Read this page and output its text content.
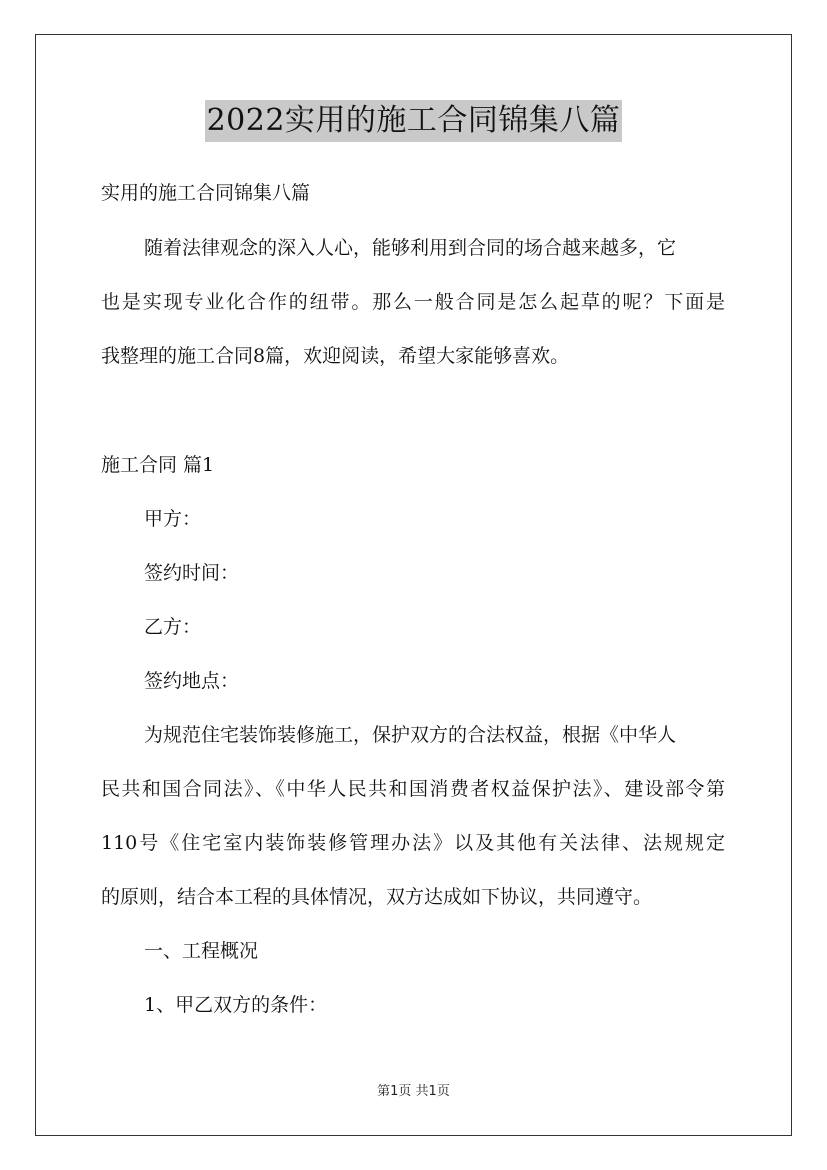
2022实用的施工合同锦集八篇
实用的施工合同锦集八篇
随着法律观念的深入人心，能够利用到合同的场合越来越多，它
也是实现专业化合作的纽带。那么一般合同是怎么起草的呢？下面是
我整理的施工合同8篇，欢迎阅读，希望大家能够喜欢。
施工合同 篇1
甲方：
签约时间：
乙方：
签约地点：
为规范住宅装饰装修施工，保护双方的合法权益，根据《中华人
民共和国合同法》、《中华人民共和国消费者权益保护法》、建设部令第
110号《住宅室内装饰装修管理办法》以及其他有关法律、法规规定
的原则，结合本工程的具体情况，双方达成如下协议，共同遵守。
一、工程概况
1、甲乙双方的条件：
第1页 共1页
